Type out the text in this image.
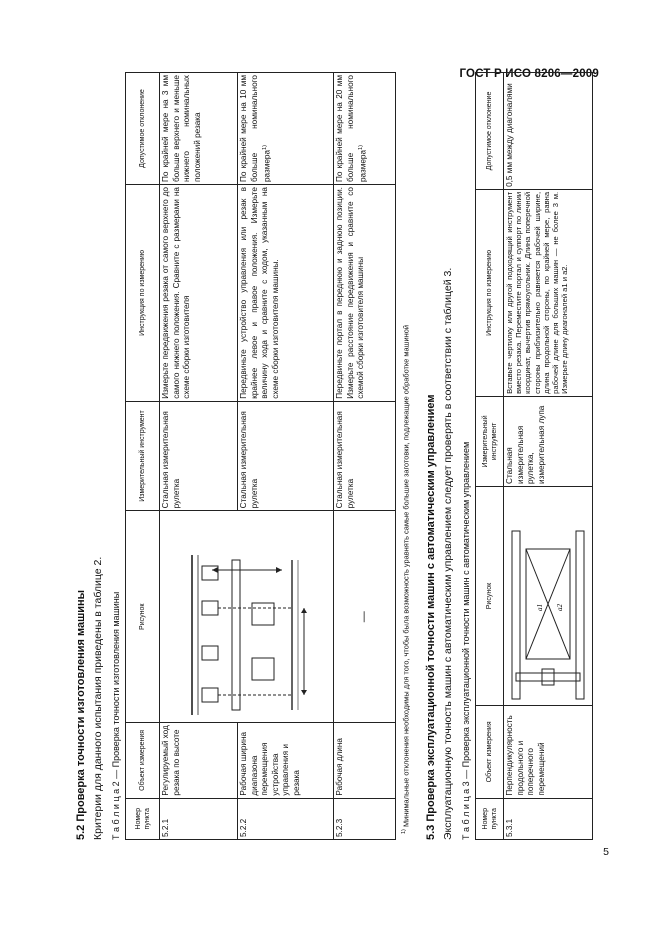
ГОСТ Р ИСО 8206—2009
5
5.2 Проверка точности изготовления машины Критерии для данного испытания приведены в таблице 2. Т а б л и ц а 2 — Проверка точности изготовления машины Номер пункта	Объект измерения	Рисунок	Измерительный инструмент	Инструкция по измерению	Допустимое отклонение
5.2.1	Регулируемый ход резака по высоте		Стальная измерительная рулетка	Измерьте передвижения резака от самого верхнего до самого нижнего положения. Сравните с размерами на схеме сборки изготовителя	По крайней мере на 3 мм больше верхнего и меньше нижнего номинальных положений резака
5.2.2	Рабочая ширина диапазона перемещения устройства управления и резака		Стальная измерительная рулетка	Передвиньте устройство управления или резак в крайнее левое и правое положения. Измерьте величину хода и сравните с ходом, указанным на схеме сборки изготовителя машины.	По крайней мере на 10 мм больше номинального размера$^{1)}$
5.2.3	Рабочая длина	—	Стальная измерительная рулетка	Передвиньте портал в переднюю и заднюю позиции. Измерьте расстояние передвижения и сравните со схемой сборки изготовителя машины	По крайней мере на 20 мм больше номинального размера$^{1)}$
$^{1)}$ Минимальные отклонения необходимы для того, чтобы была возможность уравнять самые большие заготовки, подлежащие обработке машиной 5.3 Проверка эксплуатационной точности машин с автоматическим управлением Эксплуатационную точность машин с автоматическим управлением следует проверять в соответствии с таблицей 3. Т а б л и ц а 3 — Проверка эксплуатационной точности машин с автоматическим управлением Номер пункта	Объект измерения	Рисунок	Измерительный инструмент	Инструкция по измерению	Допустимое отклонение
5.3.1	Перпендикулярность продольного и поперечного перемещений	a1 a2	Стальная измерительная рулетка, измерительная лупа	Вставьте чертилку или другой подходящий инструмент вместо резака. Переместите портал и суппорт по линии координат, вычертив прямоугольник. Длина поперечной стороны приблизительно равняется рабочей ширине, длина продольной стороны, по крайней мере, равна рабочей длине для больших машин — не более 3 м. Измерьте длину диагоналей a1 и a2.	0,5 мм между диагоналями
